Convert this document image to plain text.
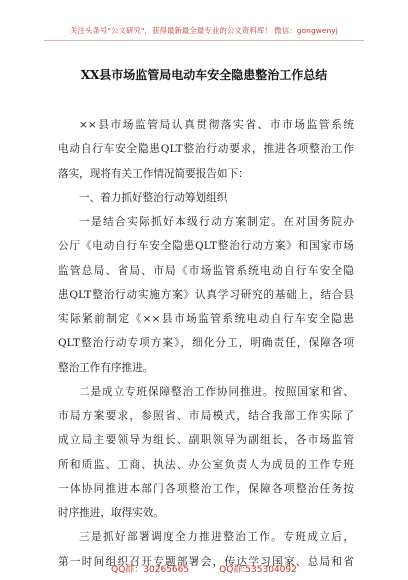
关注头条号"公文研究"，获得最新最全最专业的公文资料库！ 微信：gongwenyj
XX县市场监管局电动车安全隐患整治工作总结
××县市场监管局认真贯彻落实省、市市场监管系统
电动自行车安全隐患QLT整治行动要求，推进各项整治工作
落实，现将有关工作情况简要报告如下：
一、着力抓好整治行动筹划组织
一是结合实际抓好本级行动方案制定。在对国务院办
公厅《电动自行车安全隐患QLT整治行动方案》和国家市场
监管总局、省局、市局《市场监管系统电动自行车安全隐
患QLT整治行动实施方案》认真学习研究的基础上，结合县
实际紧前制定《××县市场监管系统电动自行车安全隐患
QLT整治行动专项方案》，细化分工，明确责任，保障各项
整治工作有序推进。
二是成立专班保障整治工作协同推进。按照国家和省、
市局方案要求，参照省、市局模式，结合我部工作实际了
成立局主要领导为组长、副职领导为副组长，各市场监管
所和质监、工商、执法、办公室负责人为成员的工作专班
一体协同推进本部门各项整治工作，保障各项整治任务按
时序推进，取得实效。
三是抓好部署调度全力推进整治工作。专班成立后，
第一时间组织召开专题部署会，传达学习国家、总局和省
QQ群：30265665	QQ群:535304092
